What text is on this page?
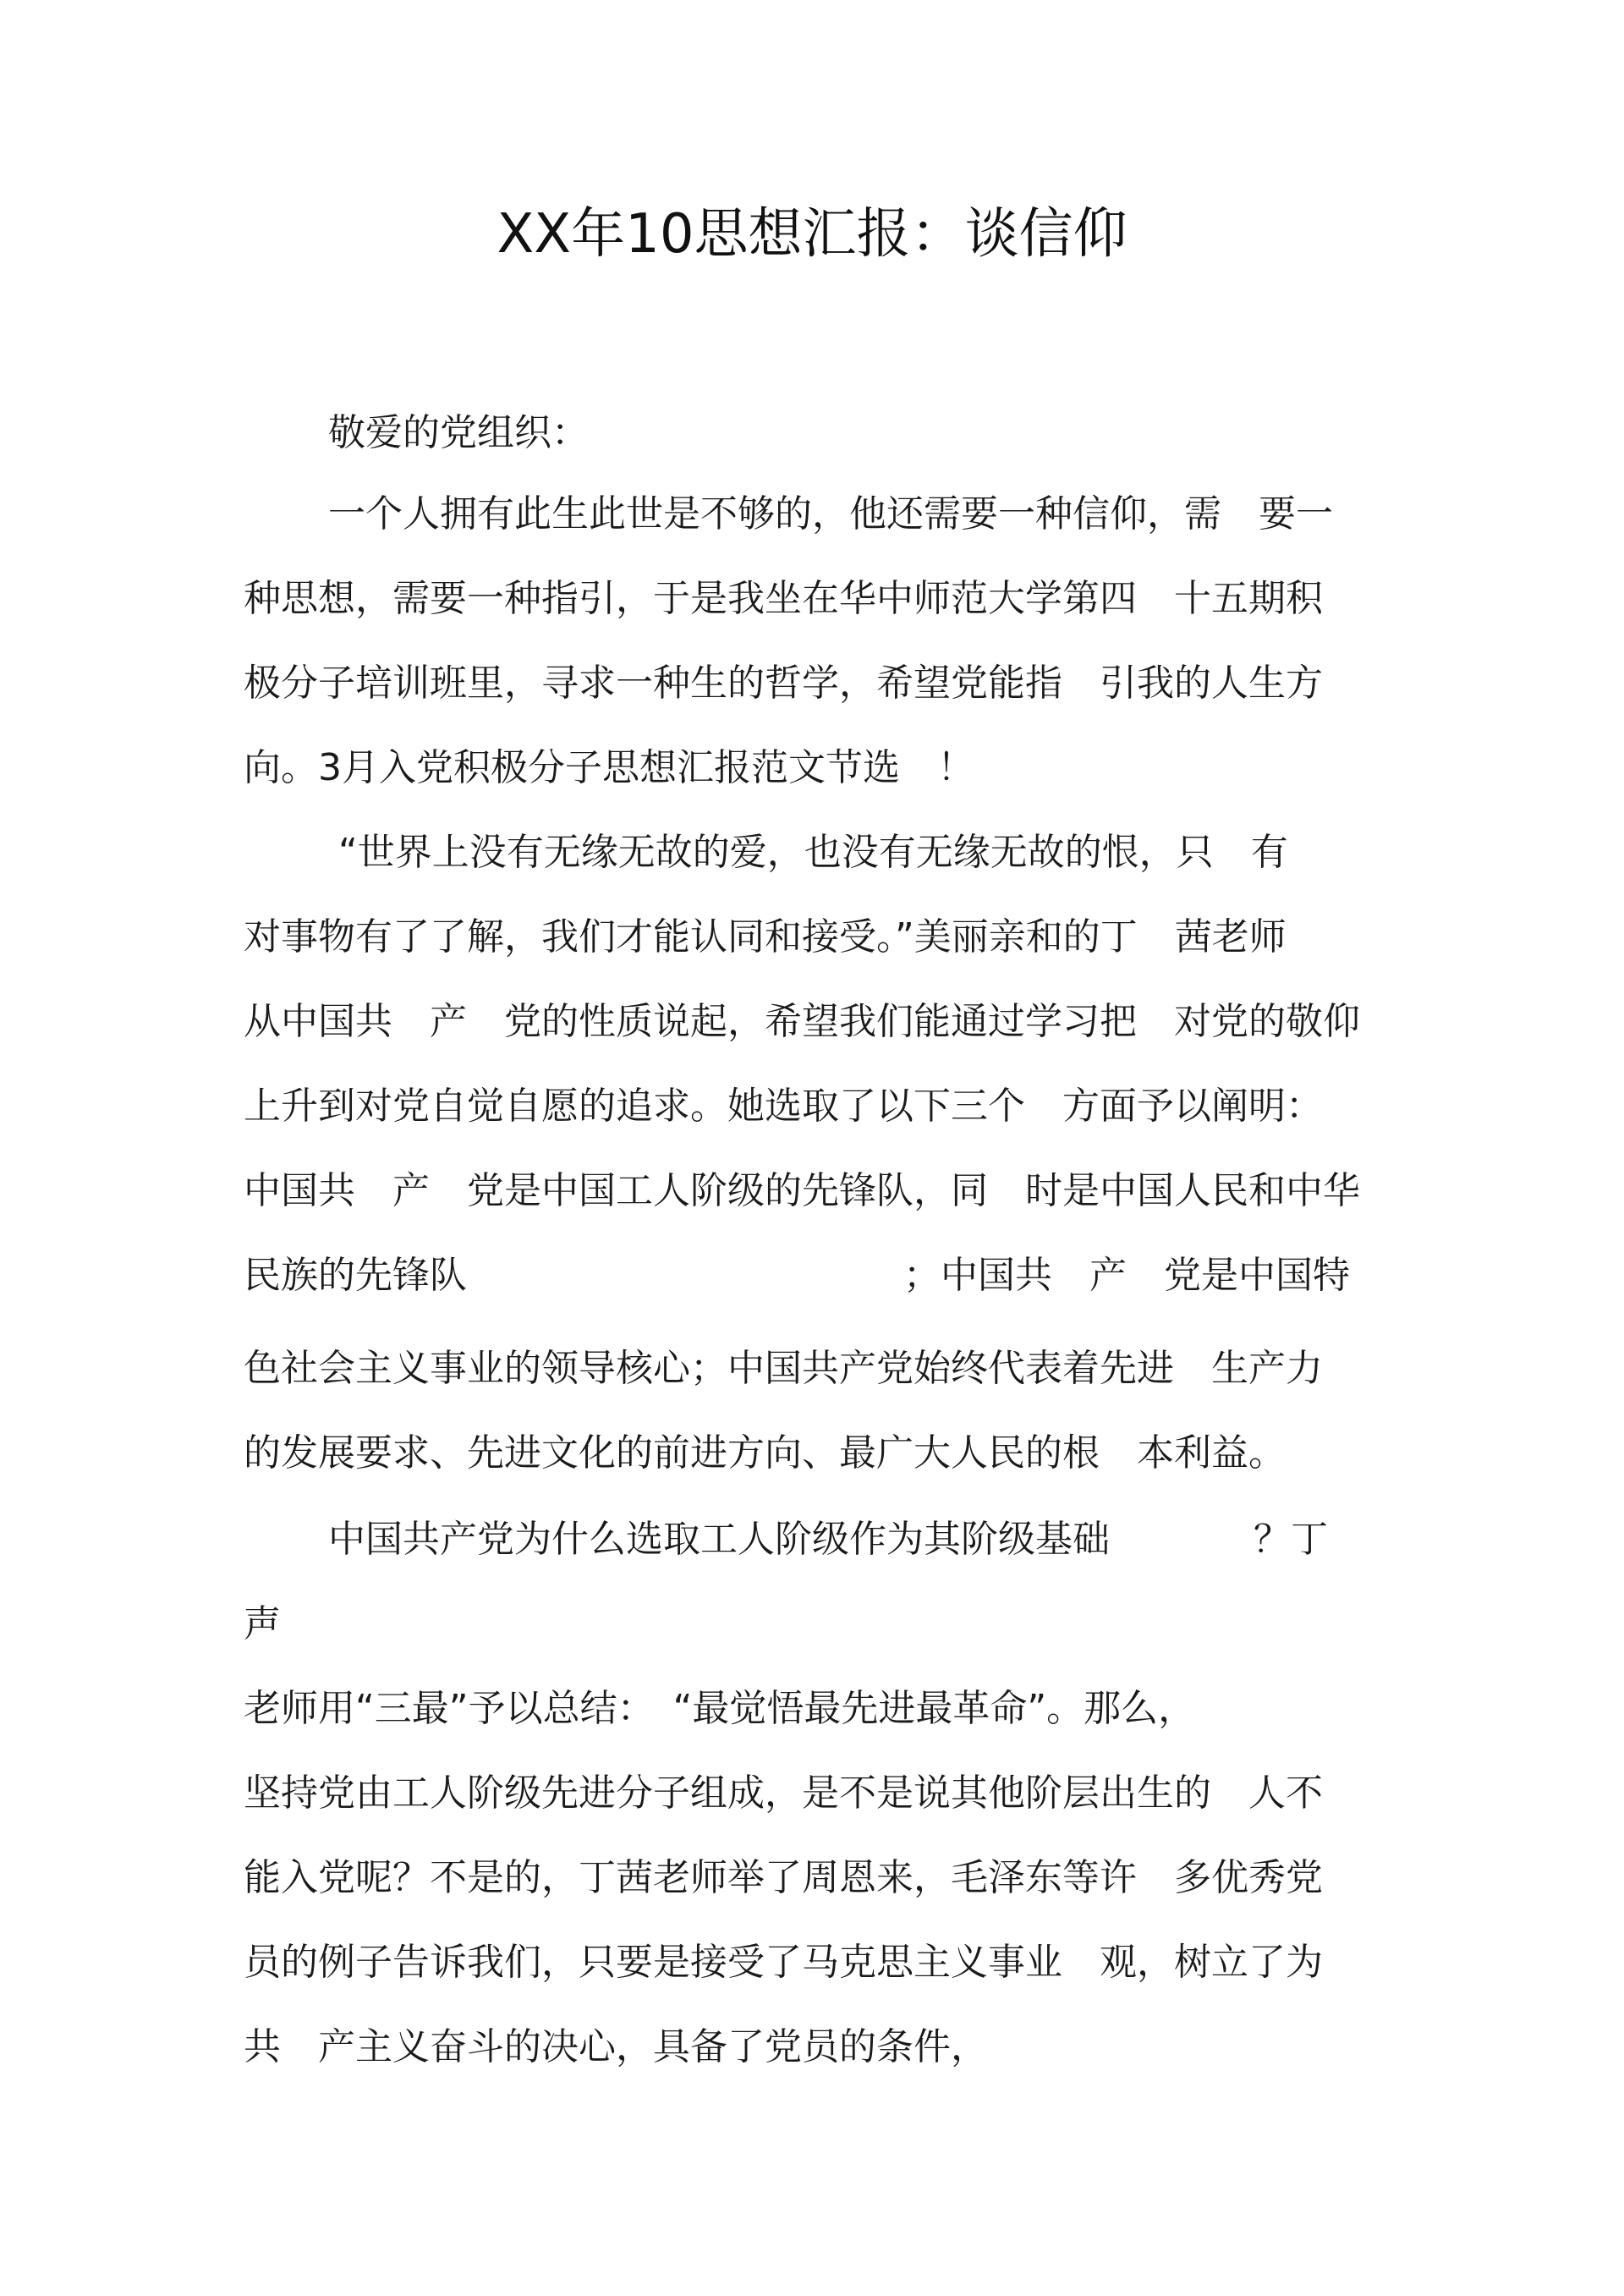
XX年10思想汇报：谈信仰
敬爱的党组织：
一个人拥有此生此世是不够的，他还需要一种信仰，需　要一
种思想，需要一种指引，于是我坐在华中师范大学第四　十五期积
极分子培训班里，寻求一种生的哲学，希望党能指　引我的人生方
向。3月入党积极分子思想汇报范文节选　！
“世界上没有无缘无故的爱，也没有无缘无故的恨，只　有
对事物有了了解，我们才能认同和接受。”美丽亲和的丁　茜老师
从中国共　产　党的性质说起，希望我们能通过学习把　对党的敬仰
上升到对党自觉自愿的追求。她选取了以下三个　方面予以阐明：
中国共　产　党是中国工人阶级的先锋队，同　时是中国人民和中华
民族的先锋队	；中国共　产　党是中国特
色社会主义事业的领导核心；中国共产党始终代表着先进　生产力
的发展要求、先进文化的前进方向、最广大人民的根　本利益。
中国共产党为什么选取工人阶级作为其阶级基础	？丁
声
老师用“三最”予以总结：　“最觉悟最先进最革命”。那么，
坚持党由工人阶级先进分子组成，是不是说其他阶层出生的　人不
能入党呢？不是的，丁茜老师举了周恩来，毛泽东等许　多优秀党
员的例子告诉我们，只要是接受了马克思主义事业　观，树立了为
共　产主义奋斗的决心，具备了党员的条件，
